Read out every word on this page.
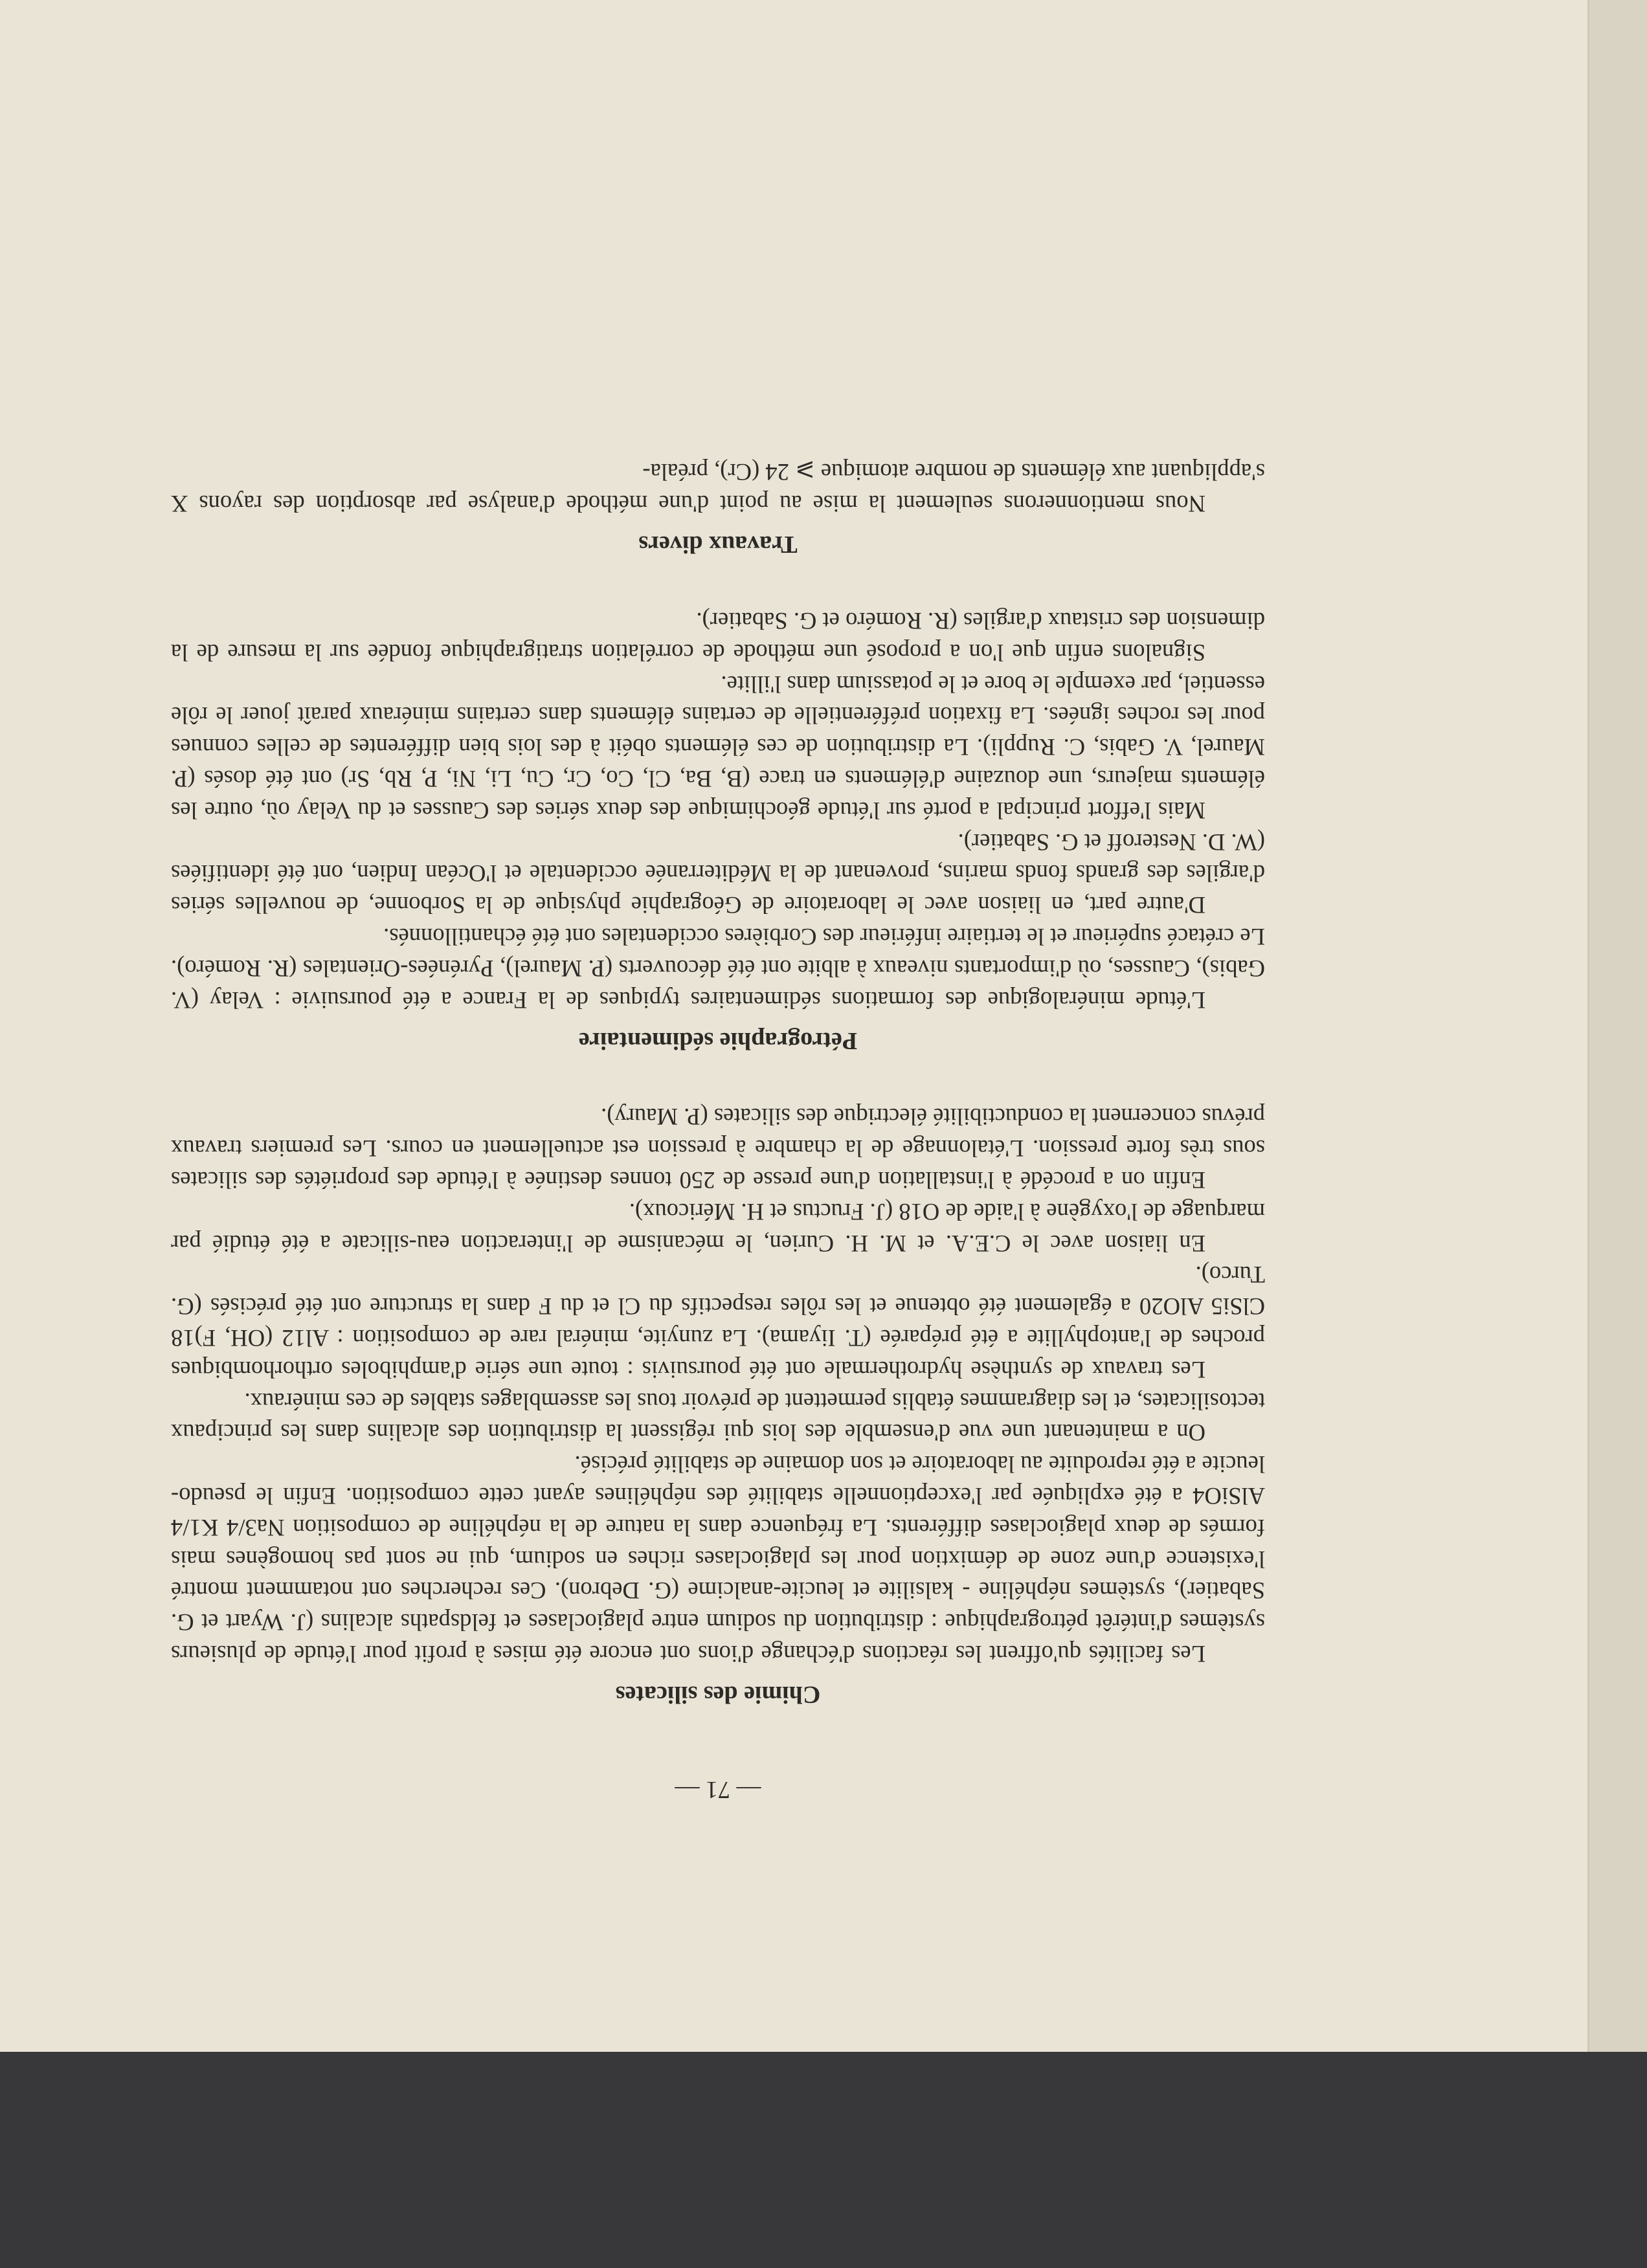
— 71 —

Chimie des silicates

Les facilités qu'offrent les réactions d'échange d'ions ont encore été mises à profit pour l'étude de plusieurs systèmes d'intérêt pétrographique : distribution du sodium entre plagioclases et feldspaths alcalins (J. Wyart et G. Sabatier), systèmes néphéline - kalsilite et leucite-analcime (G. Debron). Ces recherches ont notamment montré l'existence d'une zone de démixtion pour les plagioclases riches en sodium, qui ne sont pas homogènes mais formés de deux plagioclases différents. La fréquence dans la nature de la néphéline de composition Na3/4 K1/4 AlSiO4 a été expliquée par l'exceptionnelle stabilité des néphélines ayant cette composition. Enfin le pseudo-leucite a été reproduite au laboratoire et son domaine de stabilité précisé.

On a maintenant une vue d'ensemble des lois qui régissent la distribution des alcalins dans les principaux tectosilicates, et les diagrammes établis permettent de prévoir tous les assemblages stables de ces minéraux.

Les travaux de synthèse hydrothermale ont été poursuivis : toute une série d'amphiboles orthorhombiques proches de l'antophyllite a été préparée (T. Iiyama). La zunyite, minéral rare de composition : Al12 (OH, F)18 ClSi5 AlO20 a également été obtenue et les rôles respectifs du Cl et du F dans la structure ont été précisés (G. Turco).

En liaison avec le C.E.A. et M. H. Curien, le mécanisme de l'interaction eau-silicate a été étudié par marquage de l'oxygène à l'aide de O18 (J. Fructus et H. Méricoux).

Enfin on a procédé à l'installation d'une presse de 250 tonnes destinée à l'étude des propriétés des silicates sous très forte pression. L'étalonnage de la chambre à pression est actuellement en cours. Les premiers travaux prévus concernent la conductibilité électrique des silicates (P. Maury).

Pétrographie sédimentaire

L'étude minéralogique des formations sédimentaires typiques de la France a été poursuivie : Velay (V. Gabis), Causses, où d'importants niveaux à albite ont été découverts (P. Maurel), Pyrénées-Orientales (R. Roméro). Le crétacé supérieur et le tertiaire inférieur des Corbières occidentales ont été échantillonnés.

D'autre part, en liaison avec le laboratoire de Géographie physique de la Sorbonne, de nouvelles séries d'argiles des grands fonds marins, provenant de la Méditerranée occidentale et l'Océan Indien, ont été identifiées (W. D. Nesteroff et G. Sabatier).

Mais l'effort principal a porté sur l'étude géochimique des deux séries des Causses et du Velay où, outre les éléments majeurs, une douzaine d'éléments en trace (B, Ba, Cl, Co, Cr, Cu, Li, Ni, P, Rb, Sr) ont été dosés (P. Maurel, V. Gabis, C. Ruppli). La distribution de ces éléments obéit à des lois bien différentes de celles connues pour les roches ignées. La fixation préférentielle de certains éléments dans certains minéraux paraît jouer le rôle essentiel, par exemple le bore et le potassium dans l'illite.

Signalons enfin que l'on a proposé une méthode de corrélation stratigraphique fondée sur la mesure de la dimension des cristaux d'argiles (R. Roméro et G. Sabatier).

Travaux divers

Nous mentionnerons seulement la mise au point d'une méthode d'analyse par absorption des rayons X s'appliquant aux éléments de nombre atomique ⩾ 24 (Cr), préala-
